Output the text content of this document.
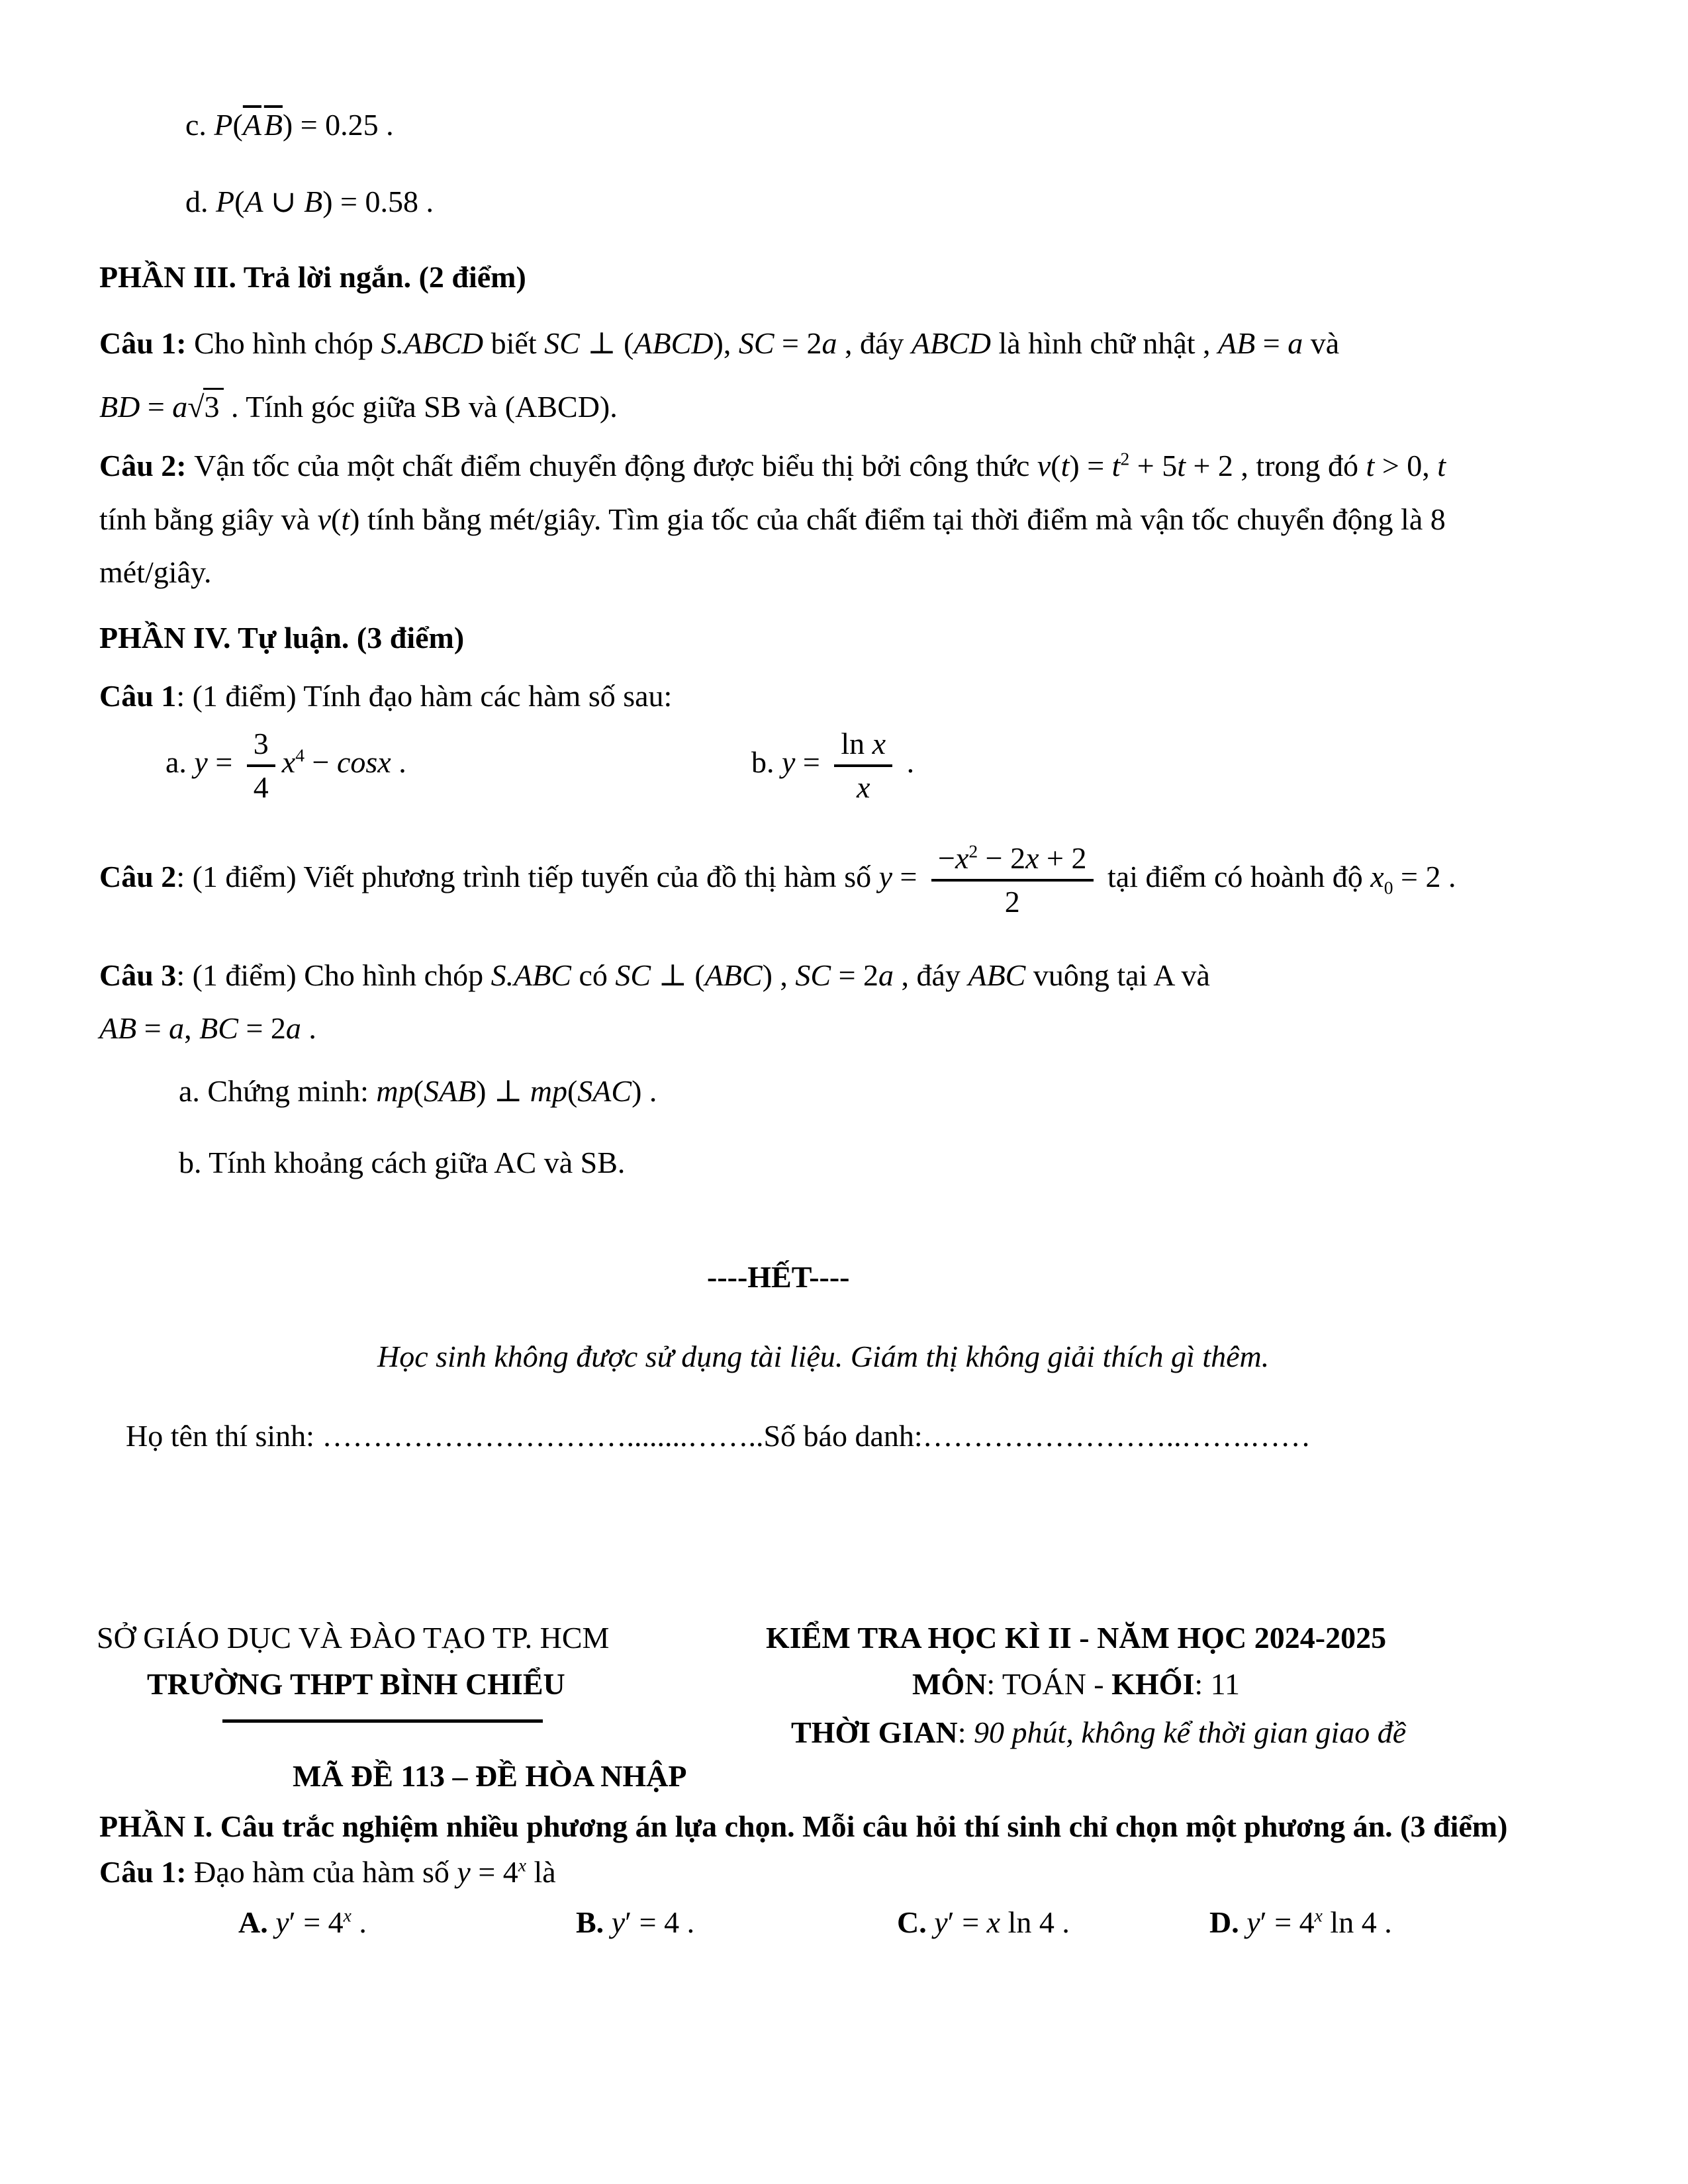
c. $P(\overline{A}$ $\overline{B}) = 0.25$ .
d. P(A ∪ B) = 0.58 .
PHẦN III. Trả lời ngắn. (2 điểm)
Câu 1: Cho hình chóp S.ABCD biết SC ⊥ (ABCD), SC = 2a , đáy ABCD là hình chữ nhật , AB = a và
BD = a√3 . Tính góc giữa SB và (ABCD).
Câu 2: Vận tốc của một chất điểm chuyển động được biểu thị bởi công thức $v(t) = t^2 + 5t + 2$ , trong đó t > 0, t
tính bằng giây và v(t) tính bằng mét/giây. Tìm gia tốc của chất điểm tại thời điểm mà vận tốc chuyển động là 8
mét/giây.
PHẦN IV. Tự luận. (3 điểm)
Câu 1: (1 điểm) Tính đạo hàm các hàm số sau:
a. $y = \frac{3}{4} x^4 - \cos x$ .	b. $y = \frac{\text{ln x}}{x}$ .
Câu 2: (1 điểm) Viết phương trình tiếp tuyến của đồ thị hàm số $y = \frac{-x^2 - 2x + 2}{2}$ tại điểm có hoành độ $x_0 = 2$ .
Câu 3: (1 điểm) Cho hình chóp S.ABC có SC ⊥ (ABC) , SC = 2a , đáy ABC vuông tại A và
AB = a, BC = 2a .
a. Chứng minh: mp(SAB) ⊥ mp(SAC) .
b. Tính khoảng cách giữa AC và SB.
----HẾT----
Học sinh không được sử dụng tài liệu. Giám thị không giải thích gì thêm.
Họ tên thí sinh: …………………………........……..Số báo danh:……………………..…….……
SỞ GIÁO DỤC VÀ ĐÀO TẠO TP. HCM
TRƯỜNG THPT BÌNH CHIỂU
KIỂM TRA HỌC KÌ II - NĂM HỌC 2024-2025
MÔN: TOÁN - KHỐI: 11
THỜI GIAN: 90 phút, không kể thời gian giao đề
MÃ ĐỀ 113 – ĐỀ HÒA NHẬP
PHẦN I. Câu trắc nghiệm nhiều phương án lựa chọn. Mỗi câu hỏi thí sinh chỉ chọn một phương án. (3 điểm)
Câu 1: Đạo hàm của hàm số $y = 4^x$ là
A. $y' = 4^x$ .	B. y′ = 4 .	C. y′ = x ln 4 .	D. $y' = 4^x$ ln 4 .
